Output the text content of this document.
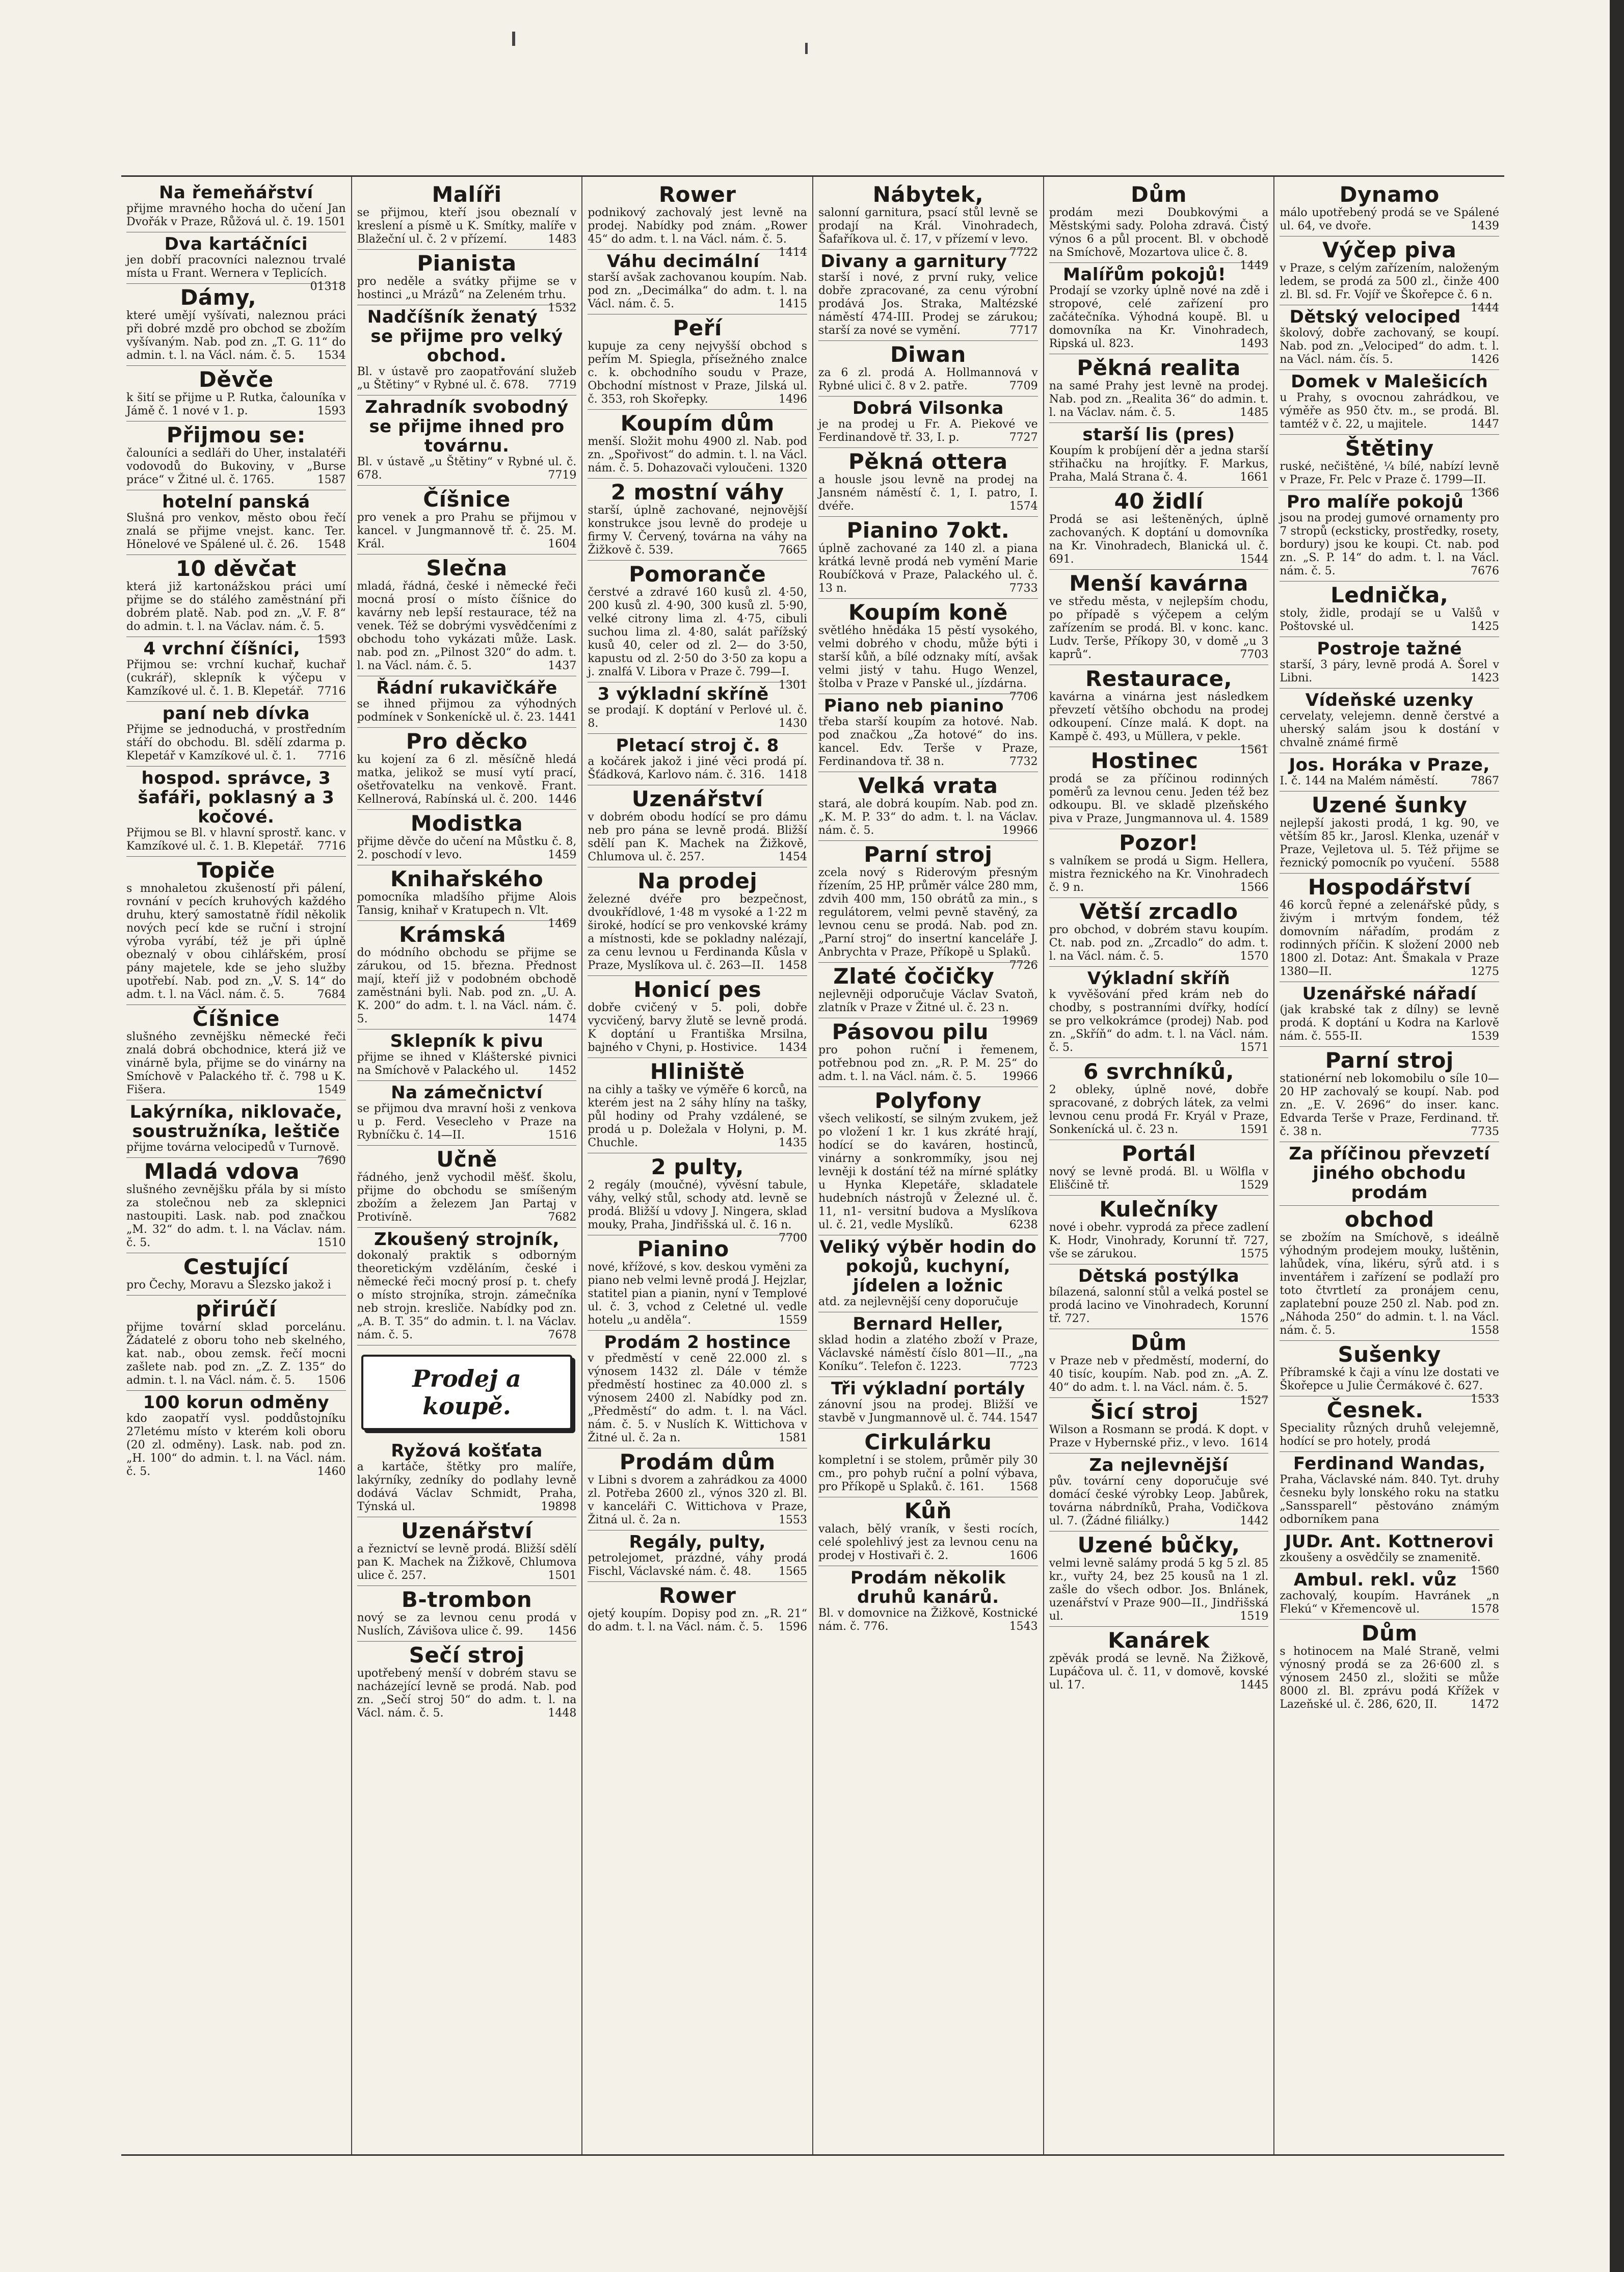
Na řemeňářství
přijme mravného hocha do učení Jan Dvořák v Praze, Růžová ul. č. 19. 1501
Dva kartáčníci
jen dobří pracovníci naleznou trvalé místa u Frant. Wernera v Teplicích.
01318
Dámy,
které umějí vyšívati, naleznou práci při dobré mzdě pro obchod se zbožím vyšívaným. Nab. pod zn. „T. G. 11“ do admin. t. l. na Václ. nám. č. 5. 1534
Děvče
k šití se přijme u P. Rutka, čalouníka v Jámě č. 1 nové v 1. p.	1593
Přijmou se:
čalouníci a sedláři do Uher, instalatéři vodovodů do Bukoviny, v „Burse práce“ v Žitné ul. č. 1765.	1587
hotelní panská
Slušná pro venkov, město obou řečí znalá se přijme vnejst. kanc. Ter. Hönelové ve Spálené ul. č. 26. 1548
10 děvčat
která již kartonážskou práci umí přijme se do stálého zaměstnání při dobrém platě. Nab. pod zn. „V. F. 8“ do admin. t. l. na Václav. nám. č. 5.
1593
4 vrchní číšníci,
Přijmou se: vrchní kuchař, kuchař (cukrář), sklepník k výčepu v Kamzíkové ul. č. 1. B. Klepetář. 7716
paní neb dívka
Přijme se jednoduchá, v prostředním stáří do obchodu. Bl. sdělí zdarma p. Klepetář v Kamzíkové ul. č. 1. 7716
hospod. správce, 3 šafáři, poklasný a 3 kočové.
Přijmou se Bl. v hlavní sprostř. kanc. v Kamzíkové ul. č. 1. B. Klepetář. 7716
Topiče
s mnohaletou zkušeností při pálení, rovnání v pecích kruhových každého druhu, který samostatně řídil několik nových pecí kde se ruční i strojní výroba vyrábí, též je při úplně obeznalý v obou cihlářském, prosí pány majetele, kde se jeho služby upotřebí. Nab. pod zn. „V. S. 14“ do adm. t. l. na Václ. nám. č. 5.	7684
Číšnice
slušného zevnějšku německé řeči znalá dobrá obchodnice, která již ve vinárně byla, přijme se do vinárny na Smíchově v Palackého tř. č. 798 u K. Fišera.	1549
Lakýrníka, niklovače, soustružníka, leštiče
přijme továrna velocipedů v Turnově.
7690
Mladá vdova
slušného zevnějšku přála by si místo za stolečnou neb za sklepnici nastoupiti. Lask. nab. pod značkou „M. 32“ do adm. t. l. na Václav. nám. č. 5.	1510
Cestující
pro Čechy, Moravu a Slezsko jakož i
přirúčí
přijme tovární sklad porcelánu. Žádatelé z oboru toho neb skelného, kat. nab., obou zemsk. řečí mocni zašlete nab. pod zn. „Z. Z. 135“ do admin. t. l. na Václ. nám. č. 5. 1506
100 korun odměny
kdo zaopatří vysl. poddůstojníku 27letému místo v kterém koli oboru (20 zl. odměny). Lask. nab. pod zn. „H. 100“ do admin. t. l. na Václ. nám. č. 5.	1460
Malíři
se přijmou, kteří jsou obeznalí v kreslení a písmě u K. Smítky, malíře v Blažeční ul. č. 2 v přízemí.	1483
Pianista
pro neděle a svátky přijme se v hostinci „u Mrázů“ na Zeleném trhu.
1532
Nadčíšník ženatý se přijme pro velký obchod.
Bl. v ústavě pro zaopatřování služeb „u Štětiny“ v Rybné ul. č. 678. 7719
Zahradník svobodný se přijme ihned pro továrnu.
Bl. v ústavě „u Štětiny“ v Rybné ul. č. 678.	7719
Číšnice
pro venek a pro Prahu se přijmou v kancel. v Jungmannově tř. č. 25. M. Král.	1604
Slečna
mladá, řádná, české i německé řeči mocná prosí o místo číšnice do kavárny neb lepší restaurace, též na venek. Též se dobrými vysvědčeními z obchodu toho vykázati může. Lask. nab. pod zn. „Pilnost 320“ do adm. t. l. na Václ. nám. č. 5.	1437
Řádní rukavičkáře
se ihned přijmou za výhodných podmínek v Sonkeníckě ul. č. 23. 1441
Pro děcko
ku kojení za 6 zl. měsíčně hledá matka, jelikož se musí vytí prací, ošetřovatelku na venkově. Frant. Kellnerová, Rabínská ul. č. 200. 1446
Modistka
přijme děvče do učení na Můstku č. 8, 2. poschodí v levo.	1459
Knihařského
pomocníka mladšího přijme Alois Tansig, knihař v Kratupech n. Vlt.
1469
Krámská
do módního obchodu se přijme se zárukou, od 15. března. Přednost mají, kteří již v podobném obchodě zaměstnáni byli. Nab. pod zn. „U. A. K. 200“ do adm. t. l. na Václ. nám. č. 5.	1474
Sklepník k pivu
přijme se ihned v Klášterské pivnici na Smíchově v Palackého ul.	1452
Na zámečnictví
se přijmou dva mravní hoši z venkova u p. Ferd. Vesecleho v Praze na Rybníčku č. 14—II.	1516
Učně
řádného, jenž vychodil měšť. školu, přijme do obchodu se smíšeným zbožím a železem Jan Partaj v Protivíně.	7682
Zkoušený strojník,
dokonalý praktik s odborným theoretickým vzděláním, české i německé řeči mocný prosí p. t. chefy o místo strojníka, strojn. zámečníka neb strojn. kresliče. Nabídky pod zn. „A. B. T. 35“ do admin. t. l. na Václav. nám. č. 5.	7678
Prodej a koupě.
Ryžová košťata
a kartáče, štětky pro malíře, lakýrníky, zedníky do podlahy levně dodává Václav Schmidt, Praha, Týnská ul.	19898
Uzenářství
a řeznictví se levně prodá. Bližší sdělí pan K. Machek na Žižkově, Chlumova ulice č. 257.	1501
B-trombon
nový se za levnou cenu prodá v Nuslích, Závišova ulice č. 99. 1456
Sečí stroj
upotřebený menší v dobrém stavu se nacházející levně se prodá. Nab. pod zn. „Sečí stroj 50“ do adm. t. l. na Václ. nám. č. 5.	1448
Rower
podnikový zachovalý jest levně na prodej. Nabídky pod znám. „Rower 45“ do adm. t. l. na Václ. nám. č. 5.
1414
Váhu decimální
starší avšak zachovanou koupím. Nab. pod zn. „Decimálka“ do adm. t. l. na Václ. nám. č. 5.	1415
Peří
kupuje za ceny nejvyšší obchod s peřím M. Spiegla, přísežného znalce c. k. obchodního soudu v Praze, Obchodní místnost v Praze, Jilská ul. č. 353, roh Skořepky.	1496
Koupím dům
menší. Složit mohu 4900 zl. Nab. pod zn. „Spořivost“ do admin. t. l. na Václ. nám. č. 5. Dohazovači vyloučeni. 1320
2 mostní váhy
starší, úplně zachované, nejnovější konstrukce jsou levně do prodeje u firmy V. Červený, továrna na váhy na Žižkově č. 539.	7665
Pomoranče
čerstvé a zdravé 160 kusů zl. 4·50, 200 kusů zl. 4·90, 300 kusů zl. 5·90, velké citrony lima zl. 4·75, cibuli suchou lima zl. 4·80, salát pařížský kusů 40, celer od zl. 2— do 3·50, kapustu od zl. 2·50 do 3·50 za kopu a j. znalfá V. Libora v Praze č. 799—I.
1301
3 výkladní skříně
se prodají. K doptání v Perlové ul. č. 8.	1430
Pletací stroj č. 8
a kočárek jakož i jiné věci prodá pí. Šťádková, Karlovo nám. č. 316. 1418
Uzenářství
v dobrém obodu hodící se pro dámu neb pro pána se levně prodá. Bližší sdělí pan K. Machek na Žižkově, Chlumova ul. č. 257.	1454
Na prodej
železné dvéře pro bezpečnost, dvoukřídlové, 1·48 m vysoké a 1·22 m široké, hodící se pro venkovské krámy a místnosti, kde se pokladny nalézají, za cenu levnou u Ferdinanda Kůsla v Praze, Myslíkova ul. č. 263—II. 1458
Honicí pes
dobře cvičený v 5. poli, dobře vycvičený, barvy žlutě se levně prodá. K doptání u Františka Mrsilna, bajného v Chyni, p. Hostivice. 1434
Hliniště
na cihly a tašky ve výměře 6 korců, na kterém jest na 2 sáhy hlíny na tašky, půl hodiny od Prahy vzdálené, se prodá u p. Doležala v Holyni, p. M. Chuchle.	1435
2 pulty,
2 regály (moučné), vývěsní tabule, váhy, velký stůl, schody atd. levně se prodá. Bližší u vdovy J. Ningera, sklad mouky, Praha, Jindřišská ul. č. 16 n.
7700
Pianino
nové, křížové, s kov. deskou vyměni za piano neb velmi levně prodá J. Hejzlar, statitel pian a pianin, nyní v Templové ul. č. 3, vchod z Celetné ul. vedle hotelu „u anděla“.	1559
Prodám 2 hostince
v předměstí v ceně 22.000 zl. s výnosem 1432 zl. Dále v témže předměstí hostinec za 40.000 zl. s výnosem 2400 zl. Nabídky pod zn. „Předměstí“ do adm. t. l. na Václ. nám. č. 5. v Nuslích K. Wittichova v Žitné ul. č. 2a n.	1581
Prodám dům
v Libni s dvorem a zahrádkou za 4000 zl. Potřeba 2600 zl., výnos 320 zl. Bl. v kanceláři C. Wittichova v Praze, Žitná ul. č. 2a n.	1553
Regály, pulty,
petrolejomet, prázdné, váhy prodá Fischl, Václavské nám. č. 48. 1565
Rower
ojetý koupím. Dopisy pod zn. „R. 21“ do adm. t. l. na Václ. nám. č. 5. 1596
Nábytek,
salonní garnitura, psací stůl levně se prodají na Král. Vinohradech, Šafaříkova ul. č. 17, v přízemí v levo.
7722
Divany a garnitury
starší i nové, z první ruky, velice dobře zpracované, za cenu výrobní prodává Jos. Straka, Maltézské náměstí 474-III. Prodej se zárukou; starší za nové se vymění.	7717
Diwan
za 6 zl. prodá A. Hollmannová v Rybné ulici č. 8 v 2. patře.	7709
Dobrá Vilsonka
je na prodej u Fr. A. Piekové ve Ferdinandově tř. 33, I. p.	7727
Pěkná ottera
a housle jsou levně na prodej na Jansném náměstí č. 1, I. patro, I. dvéře.	1574
Pianino 7okt.
úplně zachované za 140 zl. a piana krátká levně prodá neb vymění Marie Roubíčková v Praze, Palackého ul. č. 13 n.	7733
Koupím koně
světlého hnědáka 15 pěstí vysokého, velmi dobrého v chodu, může býti i starší kůň, a bílé odznaky mítí, avšak velmi jistý v tahu. Hugo Wenzel, štolba v Praze v Panské ul., jízdárna.
7706
Piano neb pianino
třeba starší koupím za hotové. Nab. pod značkou „Za hotové“ do ins. kancel. Edv. Terše v Praze, Ferdinandova tř. 38 n.	7732
Velká vrata
stará, ale dobrá koupím. Nab. pod zn. „K. M. P. 33“ do adm. t. l. na Václav. nám. č. 5.	19966
Parní stroj
zcela nový s Riderovým přesným řízením, 25 HP, průměr válce 280 mm, zdvih 400 mm, 150 obrátů za min., s regulátorem, velmi pevně stavěný, za levnou cenu se prodá. Nab. pod zn. „Parní stroj“ do insertní kanceláře J. Anbrychta v Praze, Příkopě u Splaků.
7726
Zlaté čočičky
nejlevněji odporučuje Václav Svatoň, zlatník v Praze v Žitné ul. č. 23 n.
19969
Pásovou pilu
pro pohon ruční i řemenem, potřebnou pod zn. „R. P. M. 25“ do adm. t. l. na Václ. nám. č. 5. 19966
Polyfony
všech velikostí, se silným zvukem, jež po vložení 1 kr. 1 kus zkráté hrají, hodící se do kaváren, hostinců, vinárny a sonkrommíky, jsou nej levněji k dostání též na mírné splátky u Hynka Klepetáře, skladatele hudebních nástrojů v Železné ul. č. 11, n1- versitní budova a Myslíkova ul. č. 21, vedle Myslíků.	6238
Veliký výběr hodin do pokojů, kuchyní, jídelen a ložnic
atd. za nejlevnější ceny doporučuje
Bernard Heller,
sklad hodin a zlatého zboží v Praze, Václavské náměstí číslo 801—II., „na Koníku“. Telefon č. 1223.	7723
Tři výkladní portály
zánovní jsou na prodej. Bližší ve stavbě v Jungmannově ul. č. 744. 1547
Cirkulárku
kompletní i se stolem, průměr pily 30 cm., pro pohyb ruční a polní výbava, pro Příkopě u Splaků. č. 161. 1568
Kůň
valach, bělý vraník, v šesti rocích, celé spolehlivý jest za levnou cenu na prodej v Hostivaři č. 2.	1606
Prodám několik druhů kanárů.
Bl. v domovnice na Žižkově, Kostnické nám. č. 776.	1543
Dům
prodám mezi Doubkovými a Městskými sady. Poloha zdravá. Čistý výnos 6 a půl procent. Bl. v obchodě na Smíchově, Mozartova ulice č. 8.
1449
Malířům pokojů!
Prodají se vzorky úplně nové na zdě i stropové, celé zařízení pro začátečníka. Výhodná koupě. Bl. u domovníka na Kr. Vinohradech, Ripská ul. 823.	1493
Pěkná realita
na samé Prahy jest levně na prodej. Nab. pod zn. „Realita 36“ do admin. t. l. na Václav. nám. č. 5.	1485
starší lis (pres)
Koupím k probíjení děr a jedna starší střihačku na hrojítky. F. Markus, Praha, Malá Strana č. 4.	1661
40 židlí
Prodá se asi lešteněných, úplně zachovaných. K doptání u domovníka na Kr. Vinohradech, Blanická ul. č. 691.	1544
Menší kavárna
ve středu města, v nejlepším chodu, po případě s výčepem a celým zařízením se prodá. Bl. v konc. kanc. Ludv. Terše, Příkopy 30, v domě „u 3 kaprů“.	7703
Restaurace,
kavárna a vinárna jest následkem převzetí většího obchodu na prodej odkoupení. Cínze malá. K dopt. na Kampě č. 493, u Müllera, v pekle.
1561
Hostinec
prodá se za příčinou rodinných poměrů za levnou cenu. Jeden též bez odkoupu. Bl. ve skladě plzeňského piva v Praze, Jungmannova ul. 4. 1589
Pozor!
s valníkem se prodá u Sigm. Hellera, mistra řeznického na Kr. Vinohradech č. 9 n.	1566
Větší zrcadlo
pro obchod, v dobrém stavu koupím. Ct. nab. pod zn. „Zrcadlo“ do adm. t. l. na Václ. nám. č. 5.	1570
Výkladní skříň
k vyvěšování před krám neb do chodby, s postranními dvířky, hodící se pro velkokrámce (prodej) Nab. pod zn. „Skříň“ do adm. t. l. na Václ. nám. č. 5.	1571
6 svrchníků,
2 obleky, úplně nové, dobře spracované, z dobrých látek, za velmi levnou cenu prodá Fr. Kryál v Praze, Sonkenícká ul. č. 23 n.	1591
Portál
nový se levně prodá. Bl. u Wölfla v Eliščině tř.	1529
Kulečníky
nové i obehr. vyprodá za přece zadlení K. Hodr, Vinohrady, Korunní tř. 727, vše se zárukou.	1575
Dětská postýlka
bílazená, salonní stůl a velká postel se prodá lacino ve Vinohradech, Korunní tř. 727.	1576
Dům
v Praze neb v předměstí, moderní, do 40 tisíc, koupím. Nab. pod zn. „A. Z. 40“ do adm. t. l. na Václ. nám. č. 5.
1527
Šicí stroj
Wilson a Rosmann se prodá. K dopt. v Praze v Hybernské přiz., v levo. 1614
Za nejlevnější
pův. tovární ceny doporučuje své domácí české výrobky Leop. Jabůrek, továrna nábrdníků, Praha, Vodičkova ul. 7. (Žádné filiálky.)	1442
Uzené bůčky,
velmi levně salámy prodá 5 kg 5 zl. 85 kr., vuřty 24, bez 25 kousů na 1 zl. zašle do všech odbor. Jos. Bnlánek, uzenářství v Praze 900—II., Jindřišská ul.	1519
Kanárek
zpěvák prodá se levně. Na Žižkově, Lupáčova ul. č. 11, v domově, kovské ul. 17.	1445
Dynamo
málo upotřebený prodá se ve Spálené ul. 64, ve dvoře.	1439
Výčep piva
v Praze, s celým zařízením, naloženým ledem, se prodá za 500 zl., činže 400 zl. Bl. sd. Fr. Vojíř ve Škořepce č. 6 n.
1444
Dětský velociped
školový, dobře zachovaný, se koupí. Nab. pod zn. „Velociped“ do adm. t. l. na Václ. nám. čís. 5.	1426
Domek v Malešicích
u Prahy, s ovocnou zahrádkou, ve výměře as 950 čtv. m., se prodá. Bl. tamtéž v č. 22, u majitele.	1447
Štětiny
ruské, nečištěné, ¼ bílé, nabízí levně v Praze, Fr. Pelc v Praze č. 1799—II.
1366
Pro malíře pokojů
jsou na prodej gumové ornamenty pro 7 stropů (ecksticky, prostředky, rosety, bordury) jsou ke koupi. Ct. nab. pod zn. „S. P. 14“ do adm. t. l. na Václ. nám. č. 5.	7676
Lednička,
stoly, židle, prodají se u Valšů v Poštovské ul.	1425
Postroje tažné
starší, 3 páry, levně prodá A. Šorel v Libni.	1423
Vídeňské uzenky
cervelaty, velejemn. denně čerstvé a uherský salám jsou k dostání v chvalně známé firmě
Jos. Horáka v Praze,
I. č. 144 na Malém náměstí.	7867
Uzené šunky
nejlepší jakosti prodá, 1 kg. 90, ve větším 85 kr., Jarosl. Klenka, uzenář v Praze, Vejletova ul. 5. Též přijme se řeznický pomocník po vyučení. 5588
Hospodářství
46 korců řepné a zelenářské půdy, s živým i mrtvým fondem, též domovním nářadím, prodám z rodinných příčin. K složení 2000 neb 1800 zl. Dotaz: Ant. Šmakala v Praze 1380—II.	1275
Uzenářské nářadí
(jak krabské tak z dílny) se levně prodá. K doptání u Kodra na Karlově nám. č. 555-II.	1539
Parní stroj
stationérní neb lokomobilu o síle 10—20 HP zachovalý se koupí. Nab. pod zn. „E. V. 2696“ do inser. kanc. Edvarda Terše v Praze, Ferdinand. tř. č. 38 n.	7735
Za příčinou převzetí jiného obchodu prodám
obchod
se zbožím na Smíchově, s ideálně výhodným prodejem mouky, luštěnin, lahůdek, vína, likéru, sýrů atd. i s inventářem i zařízení se podlaží pro toto čtvrtletí za pronájem cenu, zaplatební pouze 250 zl. Nab. pod zn. „Náhoda 250“ do admin. t. l. na Václ. nám. č. 5.	1558
Sušenky
Příbramské k čaji a vínu lze dostati ve Škořepce u Julie Čermákové č. 627.
1533
Česnek.
Speciality různých druhů velejemně, hodící se pro hotely, prodá
Ferdinand Wandas,
Praha, Václavské nám. 840. Tyt. druhy česneku byly lonského roku na statku „Sanssparell“ pěstováno známým odborníkem pana
JUDr. Ant. Kottnerovi
zkoušeny a osvědčily se znamenitě.
1560
Ambul. rekl. vůz
zachovalý, koupím. Havránek „n Flekú“ v Křemencově ul.	1578
Dům
s hotinocem na Malé Straně, velmi výnosný prodá se za 26·600 zl. s výnosem 2450 zl., složiti se může 8000 zl. Bl. zprávu podá Křížek v Lazeňské ul. č. 286, 620, II.	1472
